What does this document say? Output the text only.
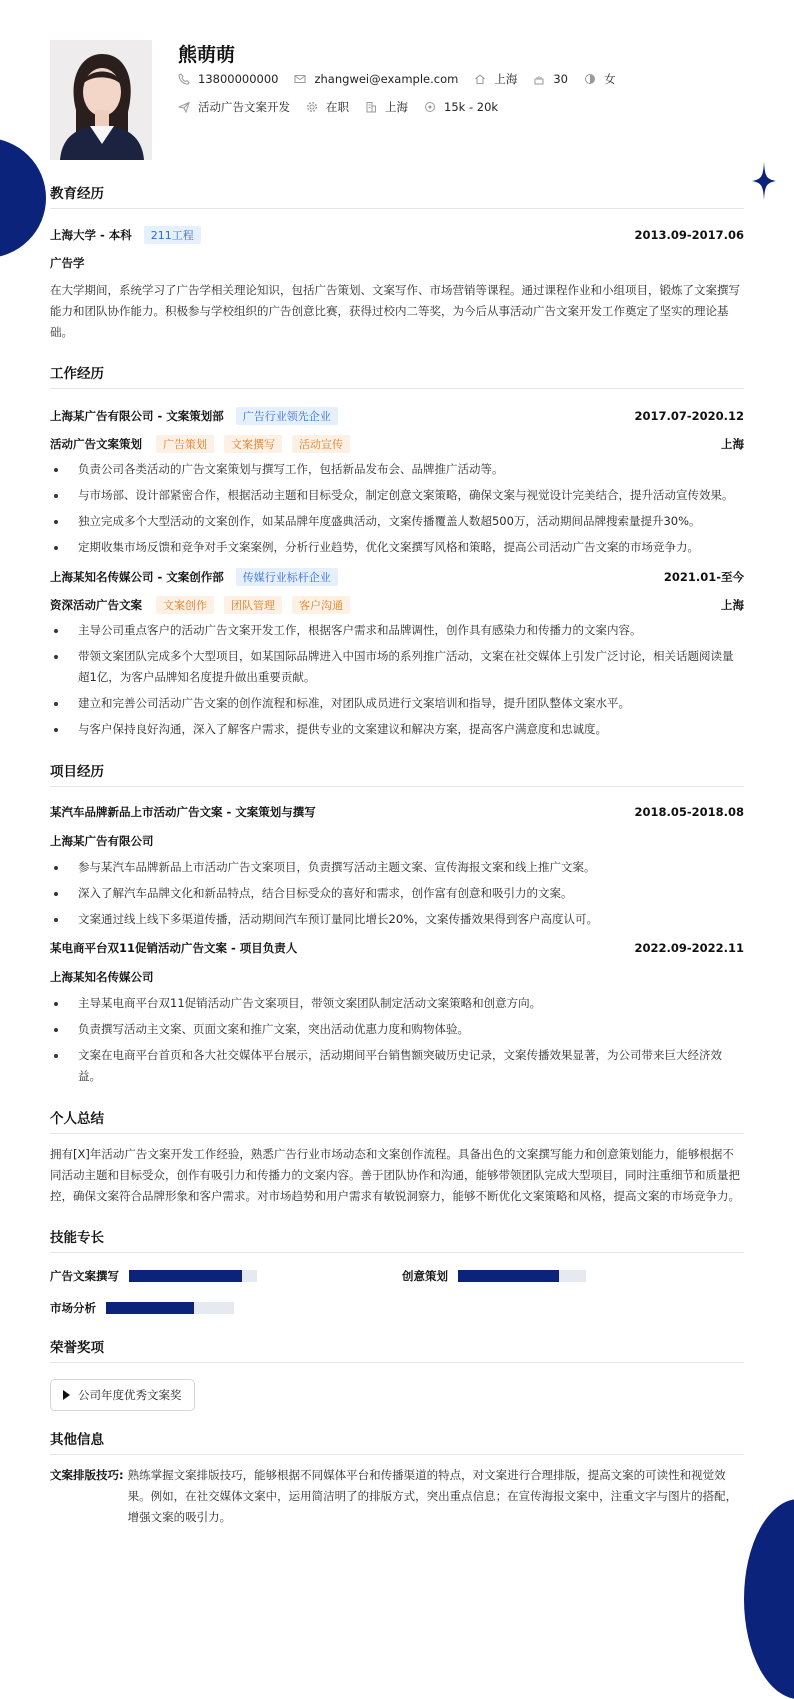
熊萌萌
13800000000	zhangwei@example.com	上海	30	女
活动广告文案开发	在职	上海	15k - 20k
教育经历
上海大学 - 本科 211工程	2013.09-2017.06
广告学
在大学期间，系统学习了广告学相关理论知识，包括广告策划、文案写作、市场营销等课程。通过课程作业和小组项目，锻炼了文案撰写能力和团队协作能力。积极参与学校组织的广告创意比赛，获得过校内二等奖，为今后从事活动广告文案开发工作奠定了坚实的理论基础。
工作经历
上海某广告有限公司 - 文案策划部 广告行业领先企业	2017.07-2020.12
活动广告文案策划 广告策划 文案撰写 活动宣传	上海
负责公司各类活动的广告文案策划与撰写工作，包括新品发布会、品牌推广活动等。
与市场部、设计部紧密合作，根据活动主题和目标受众，制定创意文案策略，确保文案与视觉设计完美结合，提升活动宣传效果。
独立完成多个大型活动的文案创作，如某品牌年度盛典活动，文案传播覆盖人数超500万，活动期间品牌搜索量提升30%。
定期收集市场反馈和竞争对手文案案例，分析行业趋势，优化文案撰写风格和策略，提高公司活动广告文案的市场竞争力。
上海某知名传媒公司 - 文案创作部 传媒行业标杆企业	2021.01-至今
资深活动广告文案 文案创作 团队管理 客户沟通	上海
主导公司重点客户的活动广告文案开发工作，根据客户需求和品牌调性，创作具有感染力和传播力的文案内容。
带领文案团队完成多个大型项目，如某国际品牌进入中国市场的系列推广活动，文案在社交媒体上引发广泛讨论，相关话题阅读量超1亿，为客户品牌知名度提升做出重要贡献。
建立和完善公司活动广告文案的创作流程和标准，对团队成员进行文案培训和指导，提升团队整体文案水平。
与客户保持良好沟通，深入了解客户需求，提供专业的文案建议和解决方案，提高客户满意度和忠诚度。
项目经历
某汽车品牌新品上市活动广告文案 - 文案策划与撰写	2018.05-2018.08
上海某广告有限公司
参与某汽车品牌新品上市活动广告文案项目，负责撰写活动主题文案、宣传海报文案和线上推广文案。
深入了解汽车品牌文化和新品特点，结合目标受众的喜好和需求，创作富有创意和吸引力的文案。
文案通过线上线下多渠道传播，活动期间汽车预订量同比增长20%，文案传播效果得到客户高度认可。
某电商平台双11促销活动广告文案 - 项目负责人	2022.09-2022.11
上海某知名传媒公司
主导某电商平台双11促销活动广告文案项目，带领文案团队制定活动文案策略和创意方向。
负责撰写活动主文案、页面文案和推广文案，突出活动优惠力度和购物体验。
文案在电商平台首页和各大社交媒体平台展示，活动期间平台销售额突破历史记录，文案传播效果显著，为公司带来巨大经济效益。
个人总结
拥有[X]年活动广告文案开发工作经验，熟悉广告行业市场动态和文案创作流程。具备出色的文案撰写能力和创意策划能力，能够根据不同活动主题和目标受众，创作有吸引力和传播力的文案内容。善于团队协作和沟通，能够带领团队完成大型项目，同时注重细节和质量把控，确保文案符合品牌形象和客户需求。对市场趋势和用户需求有敏锐洞察力，能够不断优化文案策略和风格，提高文案的市场竞争力。
技能专长
广告文案撰写	创意策划
市场分析
荣誉奖项
公司年度优秀文案奖
其他信息
文案排版技巧: 熟练掌握文案排版技巧，能够根据不同媒体平台和传播渠道的特点，对文案进行合理排版，提高文案的可读性和视觉效果。例如，在社交媒体文案中，运用简洁明了的排版方式，突出重点信息；在宣传海报文案中，注重文字与图片的搭配，增强文案的吸引力。
